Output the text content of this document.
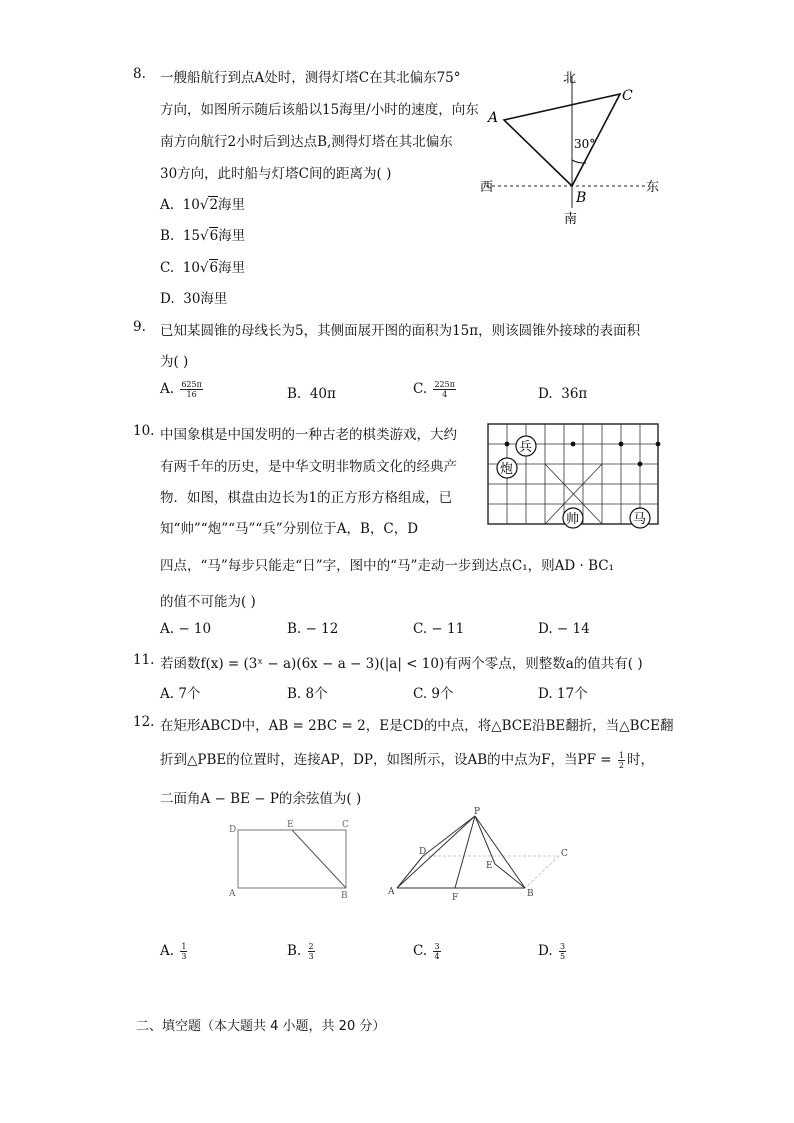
8. 一艘船航行到点A处时，测得灯塔C在其北偏东75°
方向，如图所示随后该船以15海里/小时的速度，向东
南方向航行2小时后到达点B,测得灯塔在其北偏东
30方向，此时船与灯塔C间的距离为( )
A. 10√2海里
B. 15√6海里
C. 10√6海里
D. 30海里
北
南
西	东
A
C
B
30°
9. 已知某圆锥的母线长为5，其侧面展开图的面积为15π，则该圆锥外接球的表面积
为( )
A. $\frac{625\pi}{16}$	B. 40π	C. $\frac{225\pi}{4}$	D. 36π
10. 中国象棋是中国发明的一种古老的棋类游戏，大约
有两千年的历史，是中华文明非物质文化的经典产
物．如图，棋盘由边长为1的正方形方格组成，已
知“帅”“炮”“马”“兵”分别位于A，B，C，D
四点，“马”每步只能走“日”字，图中的“马”走动一步到达点C₁，则AD · BC₁
的值不可能为( )
兵
炮
帅	马
A. − 10	B. − 12	C. − 11	D. − 14
11. 若函数f(x) = (3ˣ − a)(6x − a − 3)(|a| < 10)有两个零点，则整数a的值共有( )
A. 7个	B. 8个	C. 9个	D. 17个
12. 在矩形ABCD中，AB = 2BC = 2，E是CD的中点，将△BCE沿BE翻折，当△BCE翻
折到△PBE的位置时，连接AP，DP，如图所示，设AB的中点为F，当PF = $\frac{1}{2}$ 时，
二面角A − BE − P的余弦值为( )
D	E	C
A	B
P
D
E
C
A
F	B
A. $\frac{1}{3}$	B. $\frac{2}{3}$	C. $\frac{3}{4}$	D. $\frac{3}{5}$
二、填空题（本大题共 4 小题，共 20 分）
